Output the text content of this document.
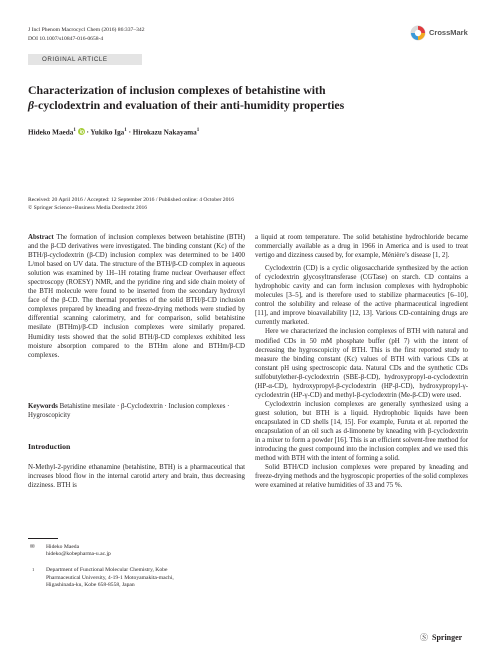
J Incl Phenom Macrocycl Chem (2016) 86:337–342
DOI 10.1007/s10847-016-0658-4
CrossMark
ORIGINAL ARTICLE
Characterization of inclusion complexes of betahistine with
β-cyclodextrin and evaluation of their anti-humidity properties
Hideko Maeda$^1$  · Yukiko Iga$^1$ · Hirokazu Nakayama$^1$
Received: 20 April 2016 / Accepted: 12 September 2016 / Published online: 4 October 2016
© Springer Science+Business Media Dordrecht 2016

Abstract The formation of inclusion complexes between betahistine (BTH) and the β-CD derivatives were investigated. The binding constant (Kc) of the BTH/β-cyclodextrin (β-CD) inclusion complex was determined to be 1400 L/mol based on UV data. The structure of the BTH/β-CD complex in aqueous solution was examined by 1H–1H rotating frame nuclear Overhauser effect spectroscopy (ROESY) NMR, and the pyridine ring and side chain moiety of the BTH molecule were found to be inserted from the secondary hydroxyl face of the β-CD. The thermal properties of the solid BTH/β-CD inclusion complexes prepared by kneading and freeze-drying methods were studied by differential scanning calorimetry, and for comparison, solid betahistine mesilate (BTHm)/β-CD inclusion complexes were similarly prepared. Humidity tests showed that the solid BTH/β-CD complexes exhibited less moisture absorption compared to the BTHm alone and BTHm/β-CD complexes.

Keywords Betahistine mesilate · β-Cyclodextrin · Inclusion complexes · Hygroscopicity

Introduction

N-Methyl-2-pyridine ethanamine (betahistine, BTH) is a pharmaceutical that increases blood flow in the internal carotid artery and brain, thus decreasing dizziness. BTH is

✉ Hideko Maeda
hideko@kobepharma-u.ac.jp
1 Department of Functional Molecular Chemistry, Kobe
Pharmaceutical University, 4-19-1 Motoyamakita-machi,
Higashinada-ku, Kobe 658-8558, Japan

a liquid at room temperature. The solid betahistine hydrochloride became commercially available as a drug in 1966 in America and is used to treat vertigo and dizziness caused by, for example, Ménière’s disease [1, 2].

Cyclodextrin (CD) is a cyclic oligosaccharide synthesized by the action of cyclodextrin glycosyltransferase (CGTase) on starch. CD contains a hydrophobic cavity and can form inclusion complexes with hydrophobic molecules [3–5], and is therefore used to stabilize pharmaceutics [6–10], control the solubility and release of the active pharmaceutical ingredient [11], and improve bioavailability [12, 13]. Various CD-containing drugs are currently marketed.

Here we characterized the inclusion complexes of BTH with natural and modified CDs in 50 mM phosphate buffer (pH 7) with the intent of decreasing the hygroscopicity of BTH. This is the first reported study to measure the binding constant (Kc) values of BTH with various CDs at constant pH using spectroscopic data. Natural CDs and the synthetic CDs sulfobutylether-β-cyclodextrin (SBE-β-CD), hydroxypropyl-α-cyclodextrin (HP-α-CD), hydroxypropyl-β-cyclodextrin (HP-β-CD), hydroxypropyl-γ-cyclodextrin (HP-γ-CD) and methyl-β-cyclodextrin (Me-β-CD) were used.

Cyclodextrin inclusion complexes are generally synthesized using a guest solution, but BTH is a liquid. Hydrophobic liquids have been encapsulated in CD shells [14, 15]. For example, Furuta et al. reported the encapsulation of an oil such as d-limonene by kneading with β-cyclodextrin in a mixer to form a powder [16]. This is an efficient solvent-free method for introducing the guest compound into the inclusion complex and we used this method with BTH with the intent of forming a solid.

Solid BTH/CD inclusion complexes were prepared by kneading and freeze-drying methods and the hygroscopic properties of the solid complexes were examined at relative humidities of 33 and 75 %.

Ⓢ Springer
